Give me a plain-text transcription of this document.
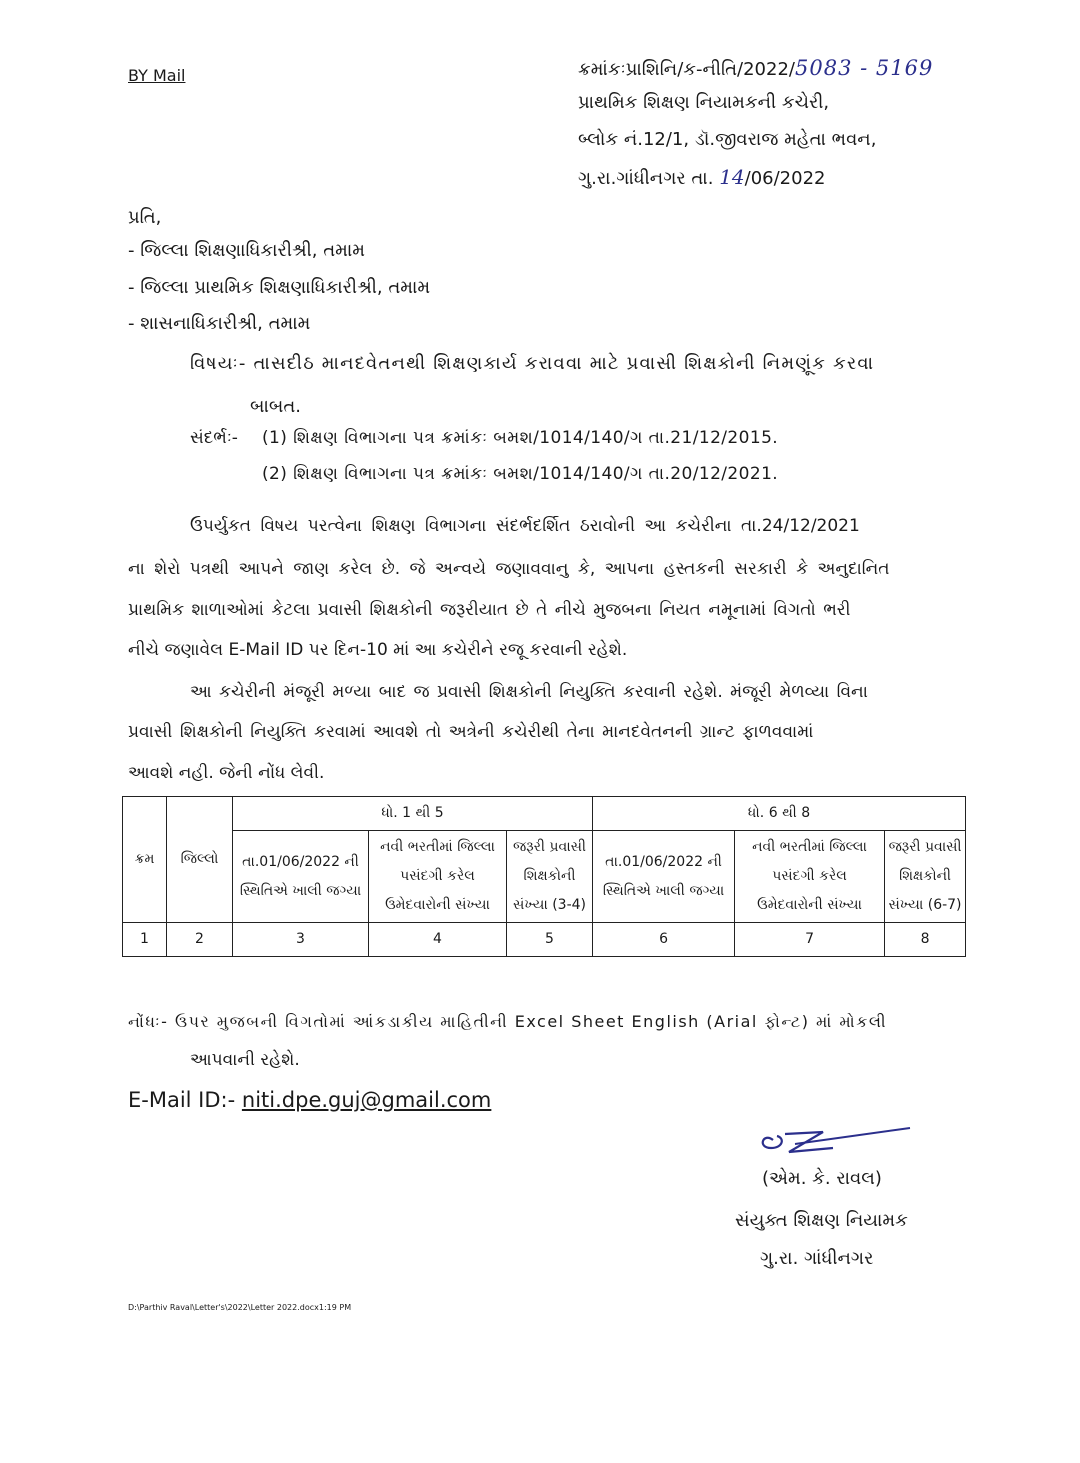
BY Mail	ક્રમાંકઃપ્રાશિનિ/ક-નીતિ/2022/5083 - 5169
પ્રાથમિક શિક્ષણ નિયામકની કચેરી,
બ્લોક નં.12/1, ડૉ.જીવરાજ મહેતા ભવન,
ગુ.રા.ગાંધીનગર તા. 14/06/2022
પ્રતિ,
- જિલ્લા શિક્ષણાધિકારીશ્રી, તમામ
- જિલ્લા પ્રાથમિક શિક્ષણાધિકારીશ્રી, તમામ
- શાસનાધિકારીશ્રી, તમામ
વિષયઃ- તાસદીઠ માનદવેતનથી શિક્ષણકાર્ય કરાવવા માટે પ્રવાસી શિક્ષકોની નિમણૂંક કરવા
બાબત.
સંદર્ભઃ- (1) શિક્ષણ વિભાગના પત્ર ક્રમાંકઃ બમશ/1014/140/ગ તા.21/12/2015.
(2) શિક્ષણ વિભાગના પત્ર ક્રમાંકઃ બમશ/1014/140/ગ તા.20/12/2021.
ઉપર્યુકત વિષય પરત્વેના શિક્ષણ વિભાગના સંદર્ભદર્શિત ઠરાવોની આ કચેરીના તા.24/12/2021
ના શેરો પત્રથી આપને જાણ કરેલ છે. જે અન્વયે જણાવવાનુ કે, આપના હસ્તકની સરકારી કે અનુદાનિત
પ્રાથમિક શાળાઓમાં કેટલા પ્રવાસી શિક્ષકોની જરૂરીયાત છે તે નીચે મુજબના નિયત નમૂનામાં વિગતો ભરી
નીચે જણાવેલ E-Mail ID પર દિન-10 માં આ કચેરીને રજૂ કરવાની રહેશે.
આ કચેરીની મંજૂરી મળ્યા બાદ જ પ્રવાસી શિક્ષકોની નિયુક્તિ કરવાની રહેશે. મંજૂરી મેળવ્યા વિના
પ્રવાસી શિક્ષકોની નિયુક્તિ કરવામાં આવશે તો અત્રેની કચેરીથી તેના માનદવેતનની ગ્રાન્ટ ફાળવવામાં
આવશે નહી. જેની નોંધ લેવી.
ક્રમ	જિલ્લો	ધો. 1 થી 5			ધો. 6 થી 8		
		તા.01/06/2022 ની સ્થિતિએ ખાલી જગ્યા	નવી ભરતીમાં જિલ્લા પસંદગી કરેલ ઉમેદવારોની સંખ્યા	જરૂરી પ્રવાસી શિક્ષકોની સંખ્યા (3-4)	તા.01/06/2022 ની સ્થિતિએ ખાલી જગ્યા	નવી ભરતીમાં જિલ્લા પસંદગી કરેલ ઉમેદવારોની સંખ્યા	જરૂરી પ્રવાસી શિક્ષકોની સંખ્યા (6-7)
1	2	3	4	5	6	7	8
નોંધઃ- ઉપર મુજબની વિગતોમાં આંકડાકીય માહિતીની Excel Sheet English (Arial ફોન્ટ) માં મોકલી
આપવાની રહેશે.
E-Mail ID:- niti.dpe.guj@gmail.com
(એમ. કે. રાવલ)
સંયુક્ત શિક્ષણ નિયામક
ગુ.રા. ગાંધીનગર
D:\Parthiv Raval\Letter's\2022\Letter 2022.docx1:19 PM
